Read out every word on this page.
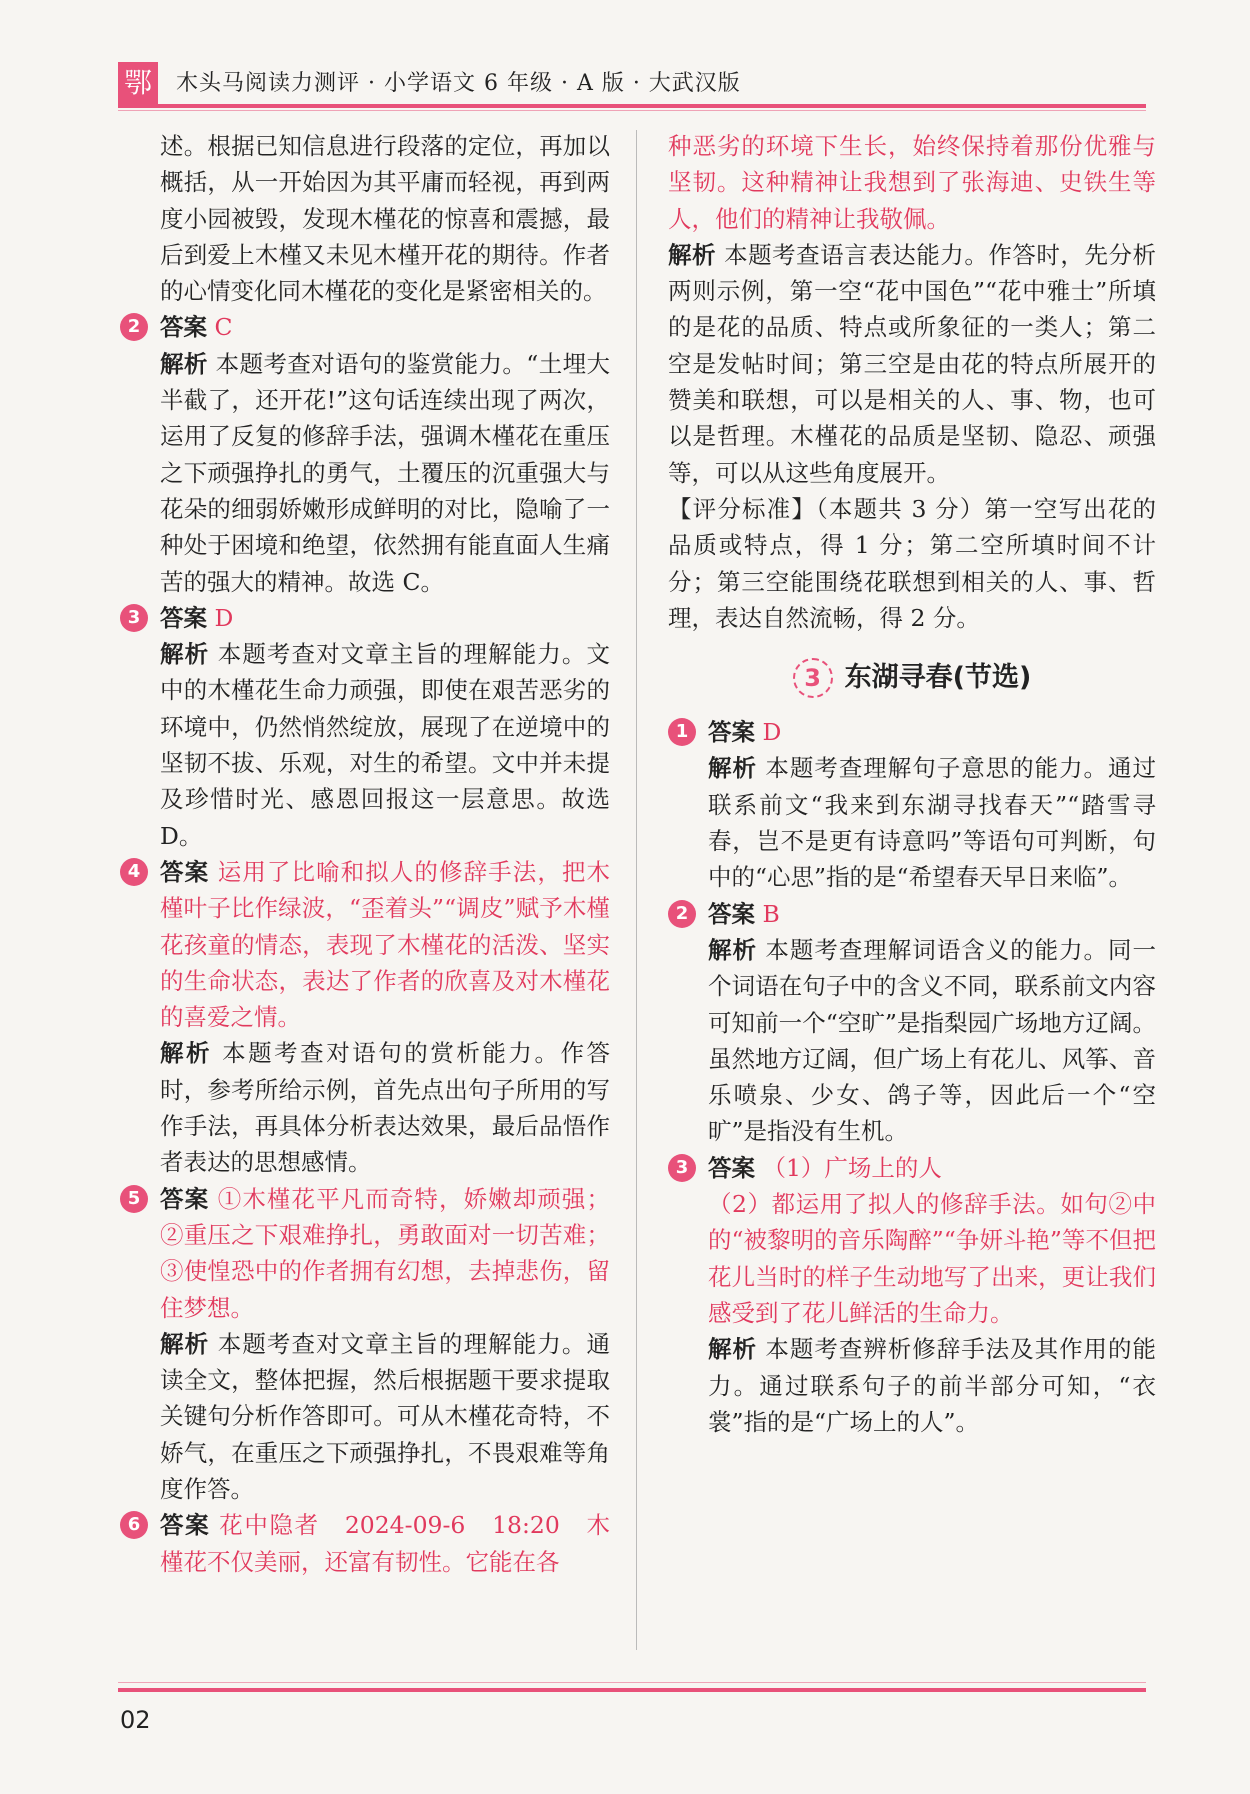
鄂 木头马阅读力测评 · 小学语文 6 年级 · A 版 · 大武汉版

述。根据已知信息进行段落的定位，再加以概括，从一开始因为其平庸而轻视，再到两度小园被毁，发现木槿花的惊喜和震撼，最后到爱上木槿又未见木槿开花的期待。作者的心情变化同木槿花的变化是紧密相关的。

2 答案 C

解析 本题考查对语句的鉴赏能力。“土埋大半截了，还开花!”这句话连续出现了两次，运用了反复的修辞手法，强调木槿花在重压之下顽强挣扎的勇气，土覆压的沉重强大与花朵的细弱娇嫩形成鲜明的对比，隐喻了一种处于困境和绝望，依然拥有能直面人生痛苦的强大的精神。故选 C。

3 答案 D

解析 本题考查对文章主旨的理解能力。文中的木槿花生命力顽强，即使在艰苦恶劣的环境中，仍然悄然绽放，展现了在逆境中的坚韧不拔、乐观，对生的希望。文中并未提及珍惜时光、感恩回报这一层意思。故选 D。

4 答案 运用了比喻和拟人的修辞手法，把木槿叶子比作绿波，“歪着头”“调皮”赋予木槿花孩童的情态，表现了木槿花的活泼、坚实的生命状态，表达了作者的欣喜及对木槿花的喜爱之情。

解析 本题考查对语句的赏析能力。作答时，参考所给示例，首先点出句子所用的写作手法，再具体分析表达效果，最后品悟作者表达的思想感情。

5 答案 ①木槿花平凡而奇特，娇嫩却顽强；②重压之下艰难挣扎，勇敢面对一切苦难；③使惶恐中的作者拥有幻想，去掉悲伤，留住梦想。

解析 本题考查对文章主旨的理解能力。通读全文，整体把握，然后根据题干要求提取关键句分析作答即可。可从木槿花奇特，不娇气，在重压之下顽强挣扎，不畏艰难等角度作答。

6 答案 花中隐者　2024-09-6　18:20　木槿花不仅美丽，还富有韧性。它能在各

种恶劣的环境下生长，始终保持着那份优雅与坚韧。这种精神让我想到了张海迪、史铁生等人，他们的精神让我敬佩。

解析 本题考查语言表达能力。作答时，先分析两则示例，第一空“花中国色”“花中雅士”所填的是花的品质、特点或所象征的一类人；第二空是发帖时间；第三空是由花的特点所展开的赞美和联想，可以是相关的人、事、物，也可以是哲理。木槿花的品质是坚韧、隐忍、顽强等，可以从这些角度展开。

【评分标准】（本题共 3 分）第一空写出花的品质或特点，得 1 分；第二空所填时间不计分；第三空能围绕花联想到相关的人、事、哲理，表达自然流畅，得 2 分。

3 东湖寻春(节选)
1 答案 D

解析 本题考查理解句子意思的能力。通过联系前文“我来到东湖寻找春天”“踏雪寻春，岂不是更有诗意吗”等语句可判断，句中的“心思”指的是“希望春天早日来临”。

2 答案 B

解析 本题考查理解词语含义的能力。同一个词语在句子中的含义不同，联系前文内容可知前一个“空旷”是指梨园广场地方辽阔。虽然地方辽阔，但广场上有花儿、风筝、音乐喷泉、少女、鸽子等，因此后一个“空旷”是指没有生机。

3 答案 （1）广场上的人

（2）都运用了拟人的修辞手法。如句②中的“被黎明的音乐陶醉”“争妍斗艳”等不但把花儿当时的样子生动地写了出来，更让我们感受到了花儿鲜活的生命力。

解析 本题考查辨析修辞手法及其作用的能力。通过联系句子的前半部分可知，“衣裳”指的是“广场上的人”。

02
